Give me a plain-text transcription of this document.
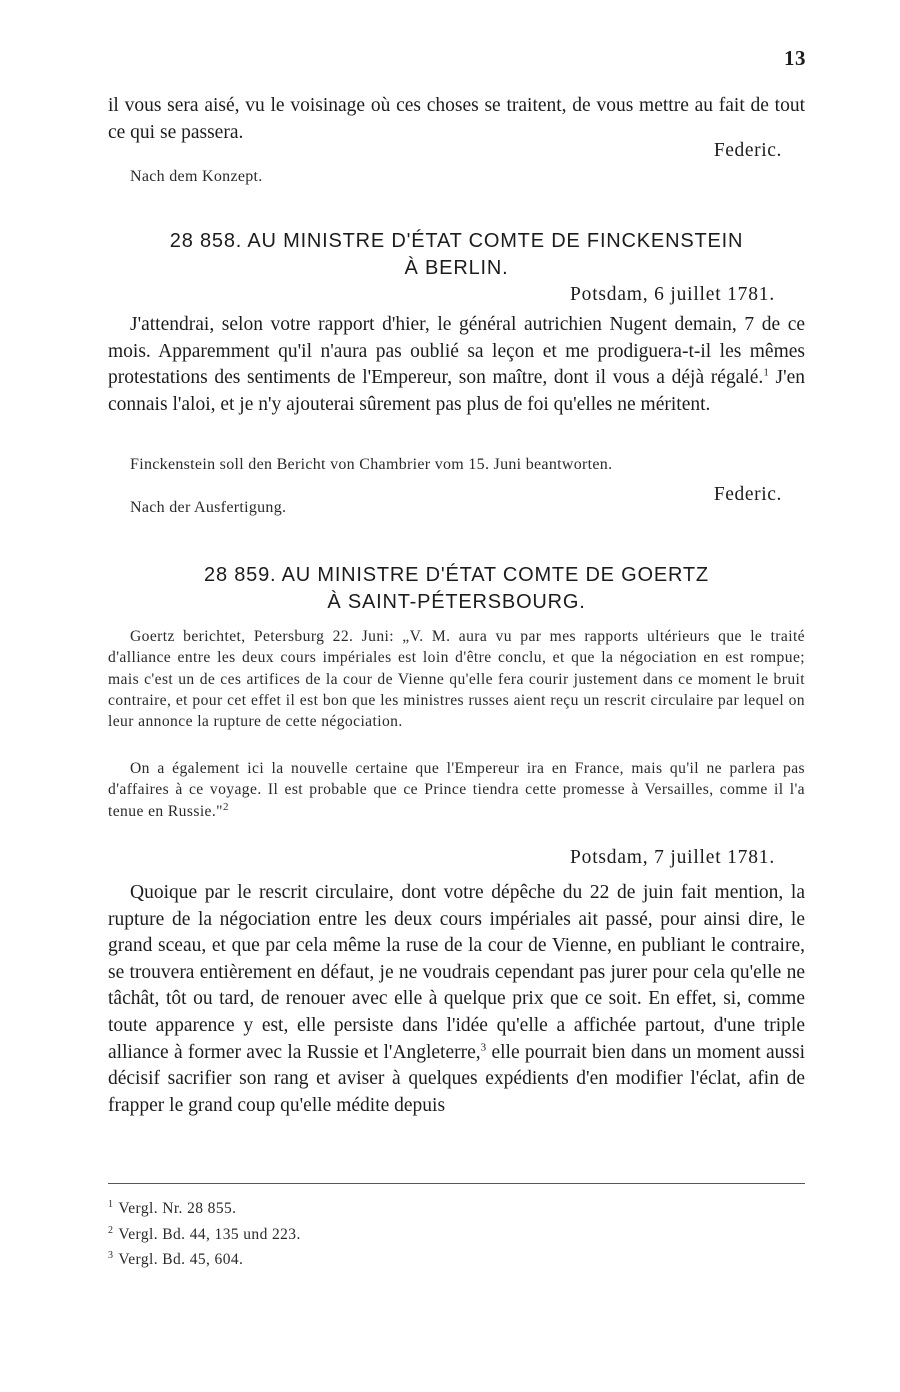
13

il vous sera aisé, vu le voisinage où ces choses se traitent, de vous mettre au fait de tout ce qui se passera.

Federic.
Nach dem Konzept.
28 858. AU MINISTRE D'ÉTAT COMTE DE FINCKENSTEIN
À BERLIN.
Potsdam, 6 juillet 1781.

J'attendrai, selon votre rapport d'hier, le général autrichien Nugent demain, 7 de ce mois. Apparemment qu'il n'aura pas oublié sa leçon et me prodiguera-t-il les mêmes protestations des sentiments de l'Empereur, son maître, dont il vous a déjà régalé.$^1$ J'en connais l'aloi, et je n'y ajouterai sûrement pas plus de foi qu'elles ne méritent.

Finckenstein soll den Bericht von Chambrier vom 15. Juni beantworten.
Federic.
Nach der Ausfertigung.
28 859. AU MINISTRE D'ÉTAT COMTE DE GOERTZ
À SAINT-PÉTERSBOURG.

Goertz berichtet, Petersburg 22. Juni: „V. M. aura vu par mes rapports ultérieurs que le traité d'alliance entre les deux cours impériales est loin d'être conclu, et que la négociation en est rompue; mais c'est un de ces artifices de la cour de Vienne qu'elle fera courir justement dans ce moment le bruit contraire, et pour cet effet il est bon que les ministres russes aient reçu un rescrit circulaire par lequel on leur annonce la rupture de cette négociation.

On a également ici la nouvelle certaine que l'Empereur ira en France, mais qu'il ne parlera pas d'affaires à ce voyage. Il est probable que ce Prince tiendra cette promesse à Versailles, comme il l'a tenue en Russie."$^2$

Potsdam, 7 juillet 1781.

Quoique par le rescrit circulaire, dont votre dépêche du 22 de juin fait mention, la rupture de la négociation entre les deux cours impériales ait passé, pour ainsi dire, le grand sceau, et que par cela même la ruse de la cour de Vienne, en publiant le contraire, se trouvera entièrement en défaut, je ne voudrais cependant pas jurer pour cela qu'elle ne tâchât, tôt ou tard, de renouer avec elle à quelque prix que ce soit. En effet, si, comme toute apparence y est, elle persiste dans l'idée qu'elle a affichée partout, d'une triple alliance à former avec la Russie et l'Angleterre,$^3$ elle pourrait bien dans un moment aussi décisif sacrifier son rang et aviser à quelques expédients d'en modifier l'éclat, afin de frapper le grand coup qu'elle médite depuis

$^1$ Vergl. Nr. 28 855.
$^2$ Vergl. Bd. 44, 135 und 223.
$^3$ Vergl. Bd. 45, 604.
